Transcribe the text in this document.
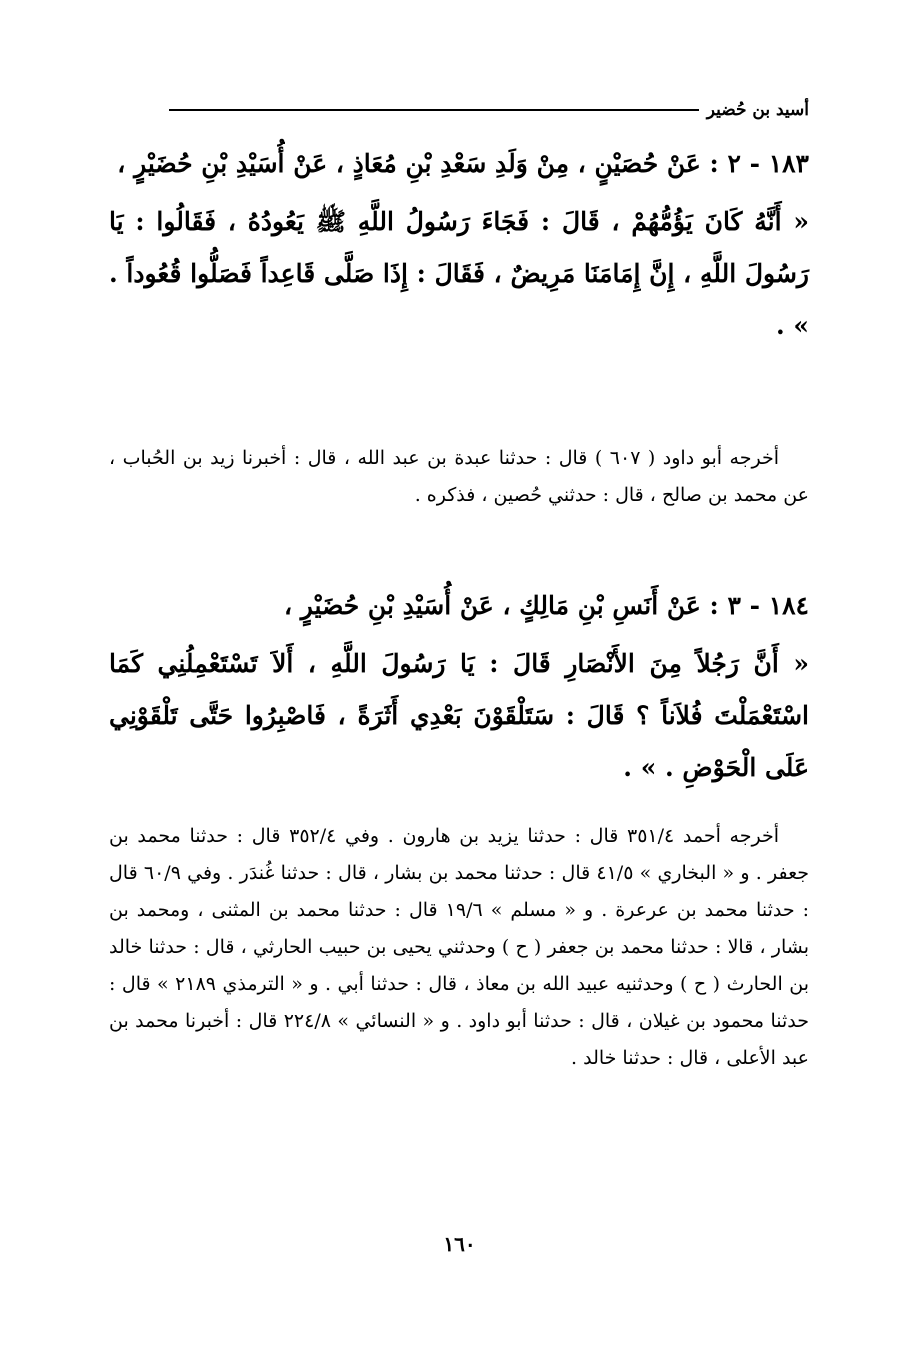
أسيد بن حُضير

١٨٣ - ٢ : عَنْ حُصَيْنٍ ، مِنْ وَلَدِ سَعْدِ بْنِ مُعَاذٍ ، عَنْ أُسَيْدِ بْنِ حُضَيْرٍ ،

« أَنَّهُ كَانَ يَؤُمُّهُمْ ، قَالَ : فَجَاءَ رَسُولُ اللَّهِ ﷺ يَعُودُهُ ، فَقَالُوا : يَا رَسُولَ اللَّهِ ، إِنَّ إِمَامَنَا مَرِيضٌ ، فَقَالَ : إِذَا صَلَّى قَاعِداً فَصَلُّوا قُعُوداً . » .

أخرجه أبو داود ( ٦٠٧ ) قال : حدثنا عبدة بن عبد الله ، قال : أخبرنا زيد بن الحُباب ، عن محمد بن صالح ، قال : حدثني حُصين ، فذكره .

١٨٤ - ٣ : عَنْ أَنَسِ بْنِ مَالِكٍ ، عَنْ أُسَيْدِ بْنِ حُضَيْرٍ ،

« أَنَّ رَجُلاً مِنَ الأَنْصَارِ قَالَ : يَا رَسُولَ اللَّهِ ، أَلاَ تَسْتَعْمِلُنِي كَمَا اسْتَعْمَلْتَ فُلاَناً ؟ قَالَ : سَتَلْقَوْنَ بَعْدِي أَثَرَةً ، فَاصْبِرُوا حَتَّى تَلْقَوْنِي عَلَى الْحَوْضِ . » .

أخرجه أحمد ٣٥١/٤ قال : حدثنا يزيد بن هارون . وفي ٣٥٢/٤ قال : حدثنا محمد بن جعفر . و « البخاري » ٤١/٥ قال : حدثنا محمد بن بشار ، قال : حدثنا غُندَر . وفي ٦٠/٩ قال : حدثنا محمد بن عرعرة . و « مسلم » ١٩/٦ قال : حدثنا محمد بن المثنى ، ومحمد بن بشار ، قالا : حدثنا محمد بن جعفر ( ح ) وحدثني يحيى بن حبيب الحارثي ، قال : حدثنا خالد بن الحارث ( ح ) وحدثنيه عبيد الله بن معاذ ، قال : حدثنا أبي . و « الترمذي ٢١٨٩ » قال : حدثنا محمود بن غيلان ، قال : حدثنا أبو داود . و « النسائي » ٢٢٤/٨ قال : أخبرنا محمد بن عبد الأعلى ، قال : حدثنا خالد .

١٦٠
